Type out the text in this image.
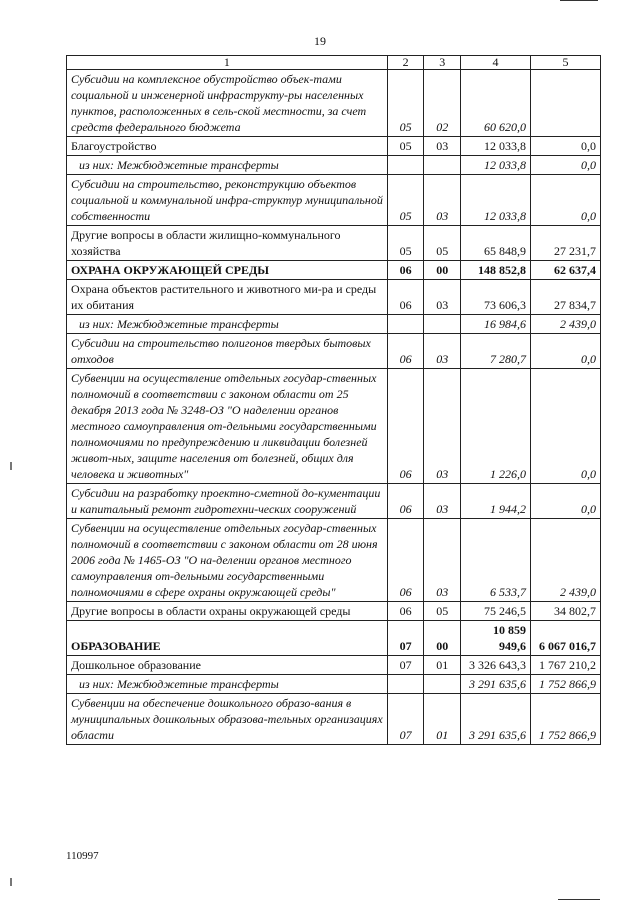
19
1	2	3	4	5
Субсидии на комплексное обустройство объек-тами социальной и инженерной инфраструкту-ры населенных пунктов, расположенных в сель-ской местности, за счет средств федерального бюджета	05	02	60 620,0	
Благоустройство	05	03	12 033,8	0,0
из них: Межбюджетные трансферты			12 033,8	0,0
Субсидии на строительство, реконструкцию объектов социальной и коммунальной инфра-структур муниципальной собственности	05	03	12 033,8	0,0
Другие вопросы в области жилищно-коммунального хозяйства	05	05	65 848,9	27 231,7
ОХРАНА ОКРУЖАЮЩЕЙ СРЕДЫ	06	00	148 852,8	62 637,4
Охрана объектов растительного и животного ми-ра и среды их обитания	06	03	73 606,3	27 834,7
из них: Межбюджетные трансферты			16 984,6	2 439,0
Субсидии на строительство полигонов твердых бытовых отходов	06	03	7 280,7	0,0
Субвенции на осуществление отдельных государ-ственных полномочий в соответствии с законом области от 25 декабря 2013 года № 3248-ОЗ "О наделении органов местного самоуправления от-дельными государственными полномочиями по предупреждению и ликвидации болезней живот-ных, защите населения от болезней, общих для человека и животных"	06	03	1 226,0	0,0
Субсидии на разработку проектно-сметной до-кументации и капитальный ремонт гидротехни-ческих сооружений	06	03	1 944,2	0,0
Субвенции на осуществление отдельных государ-ственных полномочий в соответствии с законом области от 28 июня 2006 года № 1465-ОЗ "О на-делении органов местного самоуправления от-дельными государственными полномочиями в сфере охраны окружающей среды"	06	03	6 533,7	2 439,0
Другие вопросы в области охраны окружающей среды	06	05	75 246,5	34 802,7
ОБРАЗОВАНИЕ	07	00	10 859 949,6	6 067 016,7
Дошкольное образование	07	01	3 326 643,3	1 767 210,2
из них: Межбюджетные трансферты			3 291 635,6	1 752 866,9
Субвенции на обеспечение дошкольного образо-вания в муниципальных дошкольных образова-тельных организациях области	07	01	3 291 635,6	1 752 866,9
110997
